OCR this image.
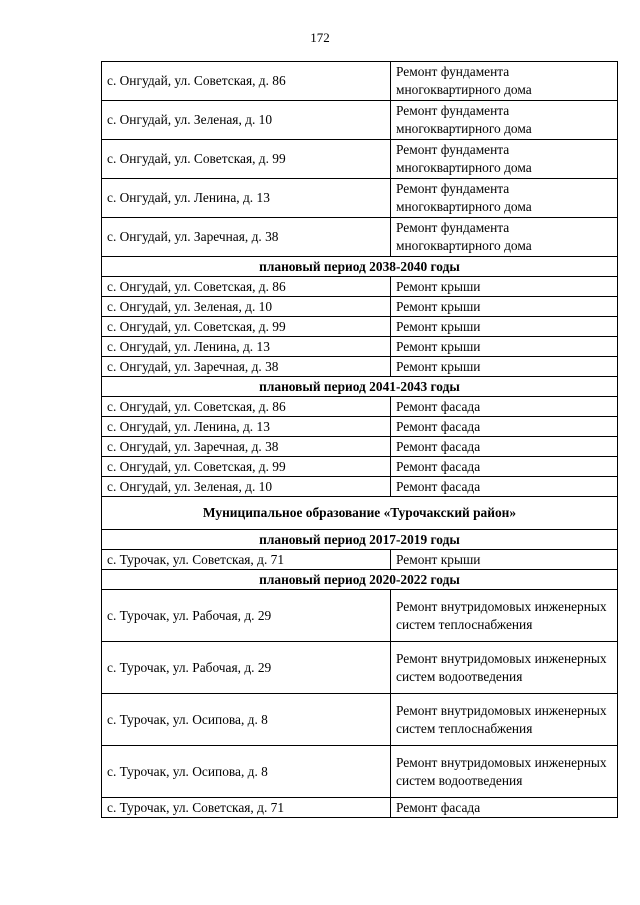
172
с. Онгудай, ул. Советская, д. 86	Ремонт фундамента многоквартирного дома
с. Онгудай, ул. Зеленая, д. 10	Ремонт фундамента многоквартирного дома
с. Онгудай, ул. Советская, д. 99	Ремонт фундамента многоквартирного дома
с. Онгудай, ул. Ленина, д. 13	Ремонт фундамента многоквартирного дома
с. Онгудай, ул. Заречная, д. 38	Ремонт фундамента многоквартирного дома
плановый период 2038-2040 годы	
с. Онгудай, ул. Советская, д. 86	Ремонт крыши
с. Онгудай, ул. Зеленая, д. 10	Ремонт крыши
с. Онгудай, ул. Советская, д. 99	Ремонт крыши
с. Онгудай, ул. Ленина, д. 13	Ремонт крыши
с. Онгудай, ул. Заречная, д. 38	Ремонт крыши
плановый период 2041-2043 годы	
с. Онгудай, ул. Советская, д. 86	Ремонт фасада
с. Онгудай, ул. Ленина, д. 13	Ремонт фасада
с. Онгудай, ул. Заречная, д. 38	Ремонт фасада
с. Онгудай, ул. Советская, д. 99	Ремонт фасада
с. Онгудай, ул. Зеленая, д. 10	Ремонт фасада
Муниципальное образование «Турочакский район»	
плановый период 2017-2019 годы	
с. Турочак, ул. Советская, д. 71	Ремонт крыши
плановый период 2020-2022 годы	
с. Турочак, ул. Рабочая, д. 29	Ремонт внутридомовых инженерных систем теплоснабжения
с. Турочак, ул. Рабочая, д. 29	Ремонт внутридомовых инженерных систем водоотведения
с. Турочак, ул. Осипова, д. 8	Ремонт внутридомовых инженерных систем теплоснабжения
с. Турочак, ул. Осипова, д. 8	Ремонт внутридомовых инженерных систем водоотведения
с. Турочак, ул. Советская, д. 71	Ремонт фасада
